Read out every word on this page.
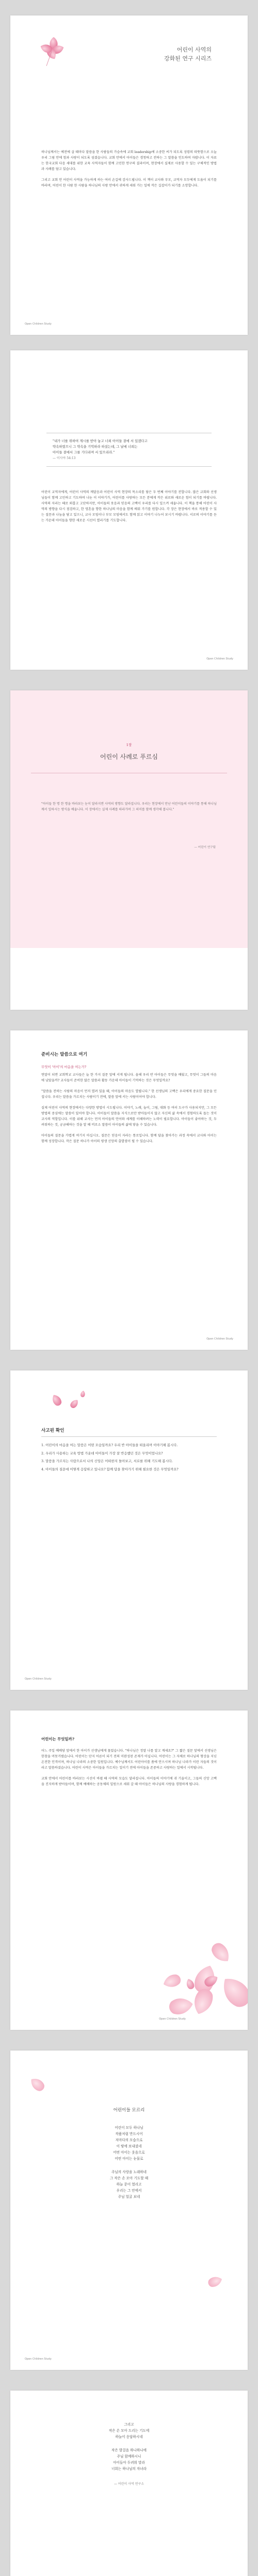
어린이 사역의
강화된 연구 시리즈

하나님께서는 예전에 살 때마다 말씀을 한 사람들의 가슴속에 교회 leadership에 소중한 씨가 되도록 성령의 따뜻함으로 오늘 우리 그림 안에 힘과 사랑이 되도록 섬겼습니다. 교회 안에서 아이들은 경청하고 전하는 그 말씀을 인도하며 자랍니다. 이 자료는 한국교회 다음 세대를 위한 교육 사역자들이 함께 고민한 연구의 결과이며, 현장에서 실제로 사용할 수 있는 구체적인 방법과 사례를 담고 있습니다.

그리고 교회 안 어린이 사역을 가능하게 하는 여러 손길에 감사드립니다. 이 책이 교사와 부모, 교역자 모두에게 도움이 되기를 바라며, 어린이 한 사람 한 사람을 하나님의 사랑 안에서 귀하게 세워 가는 일에 작은 길잡이가 되기를 소망합니다.

Open Children Study
"내가 너를 위하여 계시를 받아 놓고 너희 아이들 곁에 서 있겠다고
약속하였으니 그 약속을 기억하라 하셨는데, 그 날에 너희는
아이들 곁에서 그를 기다리며 서 있으리라."
— 이사야 54:13

어린이 교역자에게, 어린이 사역의 깨달음과 어린이 사역 현장의 목소리를 담은 두 번째 이야기를 전합니다. 많은 교회와 선생님들이 함께 고민하고 기도하며 나눈 이 이야기가, 어린이를 사랑하는 모든 분에게 작은 위로와 새로운 힘이 되기를 바랍니다. 사역의 자리는 때로 외롭고 고단하지만, 아이들의 웃음과 믿음의 고백이 우리를 다시 일으켜 세웁니다. 이 책을 통해 어린이 사역의 방향을 다시 점검하고, 한 영혼을 향한 하나님의 마음을 함께 배워 가기를 원합니다. 각 장은 현장에서 바로 적용할 수 있는 질문과 나눔을 담고 있으니, 교사 모임이나 부모 모임에서도 함께 읽고 이야기 나누어 보시기 바랍니다. 서로의 이야기를 듣는 가운데 아이들을 향한 새로운 시선이 열리기를 기도합니다.

Open Children Study
1장
어린이 사례로 푸르심

"아이들 한 명 한 명을 바라보는 눈이 달라지면 사역의 방향도 달라집니다. 우리는 현장에서 만난 어린이들의 이야기를 통해 하나님께서 일하시는 방식을 배웁니다. 이 장에서는 실제 사례를 따라가며 그 의미를 함께 생각해 봅니다."

— 어린이 연구팀
준비시는 말씀으로 여기
무엇이 '아이'의 마음을 여는가?

연말이 되면 교회학교 교사들은 늘 한 가지 질문 앞에 서게 됩니다. 올해 우리 반 아이들은 무엇을 배웠고, 무엇이 그들의 마음에 남았을까? 교사들이 준비한 많은 말씀과 활동 가운데 아이들이 기억하는 것은 무엇일까요?

"말씀을 전하는 사람의 마음이 먼저 열려 있을 때, 아이들의 마음도 열립니다." 한 선생님의 고백은 우리에게 중요한 질문을 던집니다. 우리는 말씀을 가르치는 사람이기 전에, 말씀 앞에 서는 사람이어야 합니다.

실제 어린이 사역의 현장에서는 다양한 방법이 시도됩니다. 이야기, 노래, 놀이, 그림, 대화 등 여러 도구가 사용되지만, 그 모든 방법의 중심에는 말씀이 있어야 합니다. 아이들이 말씀을 지식으로만 받아들이지 않고 자신의 삶 속에서 경험하도록 돕는 것이 교사의 역할입니다. 이를 위해 교사는 먼저 아이들의 언어와 세계를 이해하려는 노력이 필요합니다. 아이들이 좋아하는 것, 두려워하는 것, 궁금해하는 것을 알 때 비로소 말씀이 아이들의 삶에 닿을 수 있습니다.

아이들의 질문을 가볍게 여기지 마십시오. 질문은 믿음이 자라는 통로입니다. 함께 답을 찾아가는 과정 속에서 교사와 아이는 함께 성장합니다. 작은 질문 하나가 아이의 평생 신앙의 출발점이 될 수 있습니다.

Open Children Study
사고핀 확인
1. 어린이의 마음을 여는 말씀은 어떤 모습일까요? 우리 반 아이들을 떠올리며 이야기해 봅시다.
2. 우리가 사용하는 교육 방법 가운데 아이들이 가장 잘 반응했던 것은 무엇이었나요?
3. 말씀을 가르치는 사람으로서 나의 신앙은 어떠한지 돌아보고, 서로를 위해 기도해 봅시다.
4. 아이들의 질문에 어떻게 응답하고 있나요? 함께 답을 찾아가기 위해 필요한 것은 무엇일까요?
Open Children Study
어린이는 무엇일까?

어느 주일 예배당 앞에서 한 아이가 선생님에게 물었습니다. "하나님은 정말 나를 알고 계세요?" 그 짧은 질문 앞에서 선생님은 한참을 머뭇거렸습니다. 어린이는 단지 어른이 되기 전의 미완성된 존재가 아닙니다. 어린이는 그 자체로 하나님의 형상을 지닌 온전한 인격이며, 하나님 나라의 소중한 일원입니다. 예수님께서도 어린아이를 품에 안으시며 하나님 나라가 이런 자들의 것이라고 말씀하셨습니다. 어린이 사역은 아이들을 가르치는 일이기 전에 아이들을 존중하고 사랑하는 일에서 시작됩니다.

교회 안에서 어린이를 바라보는 시선이 바뀔 때 사역의 모습도 달라집니다. 아이들의 이야기에 귀 기울이고, 그들의 신앙 고백을 진지하게 받아들이며, 함께 예배하는 공동체의 일원으로 세워 갈 때 아이들은 하나님의 사랑을 경험하게 됩니다.

Open Children Study
어린이들 모르리
어린이 모두 하나님
작품처럼 만드시어
저마다의 모습으로
이 땅에 보내셨네
어떤 아이는 웃음으로
어떤 아이는 눈물로
주님의 사랑을 노래하네
그 작은 손 모아 기도할 때
하늘 문이 열리고
우리는 그 안에서
주님 얼굴 보네
Open Children Study
그리고
작은 손 모아 드리는 기도에
하늘이 응답하시네
작은 발걸음 하나하나에
주님 함께하시니
아이들아 두려워 말라
너희는 하나님의 자녀라
— 어린이 사역 연구소
